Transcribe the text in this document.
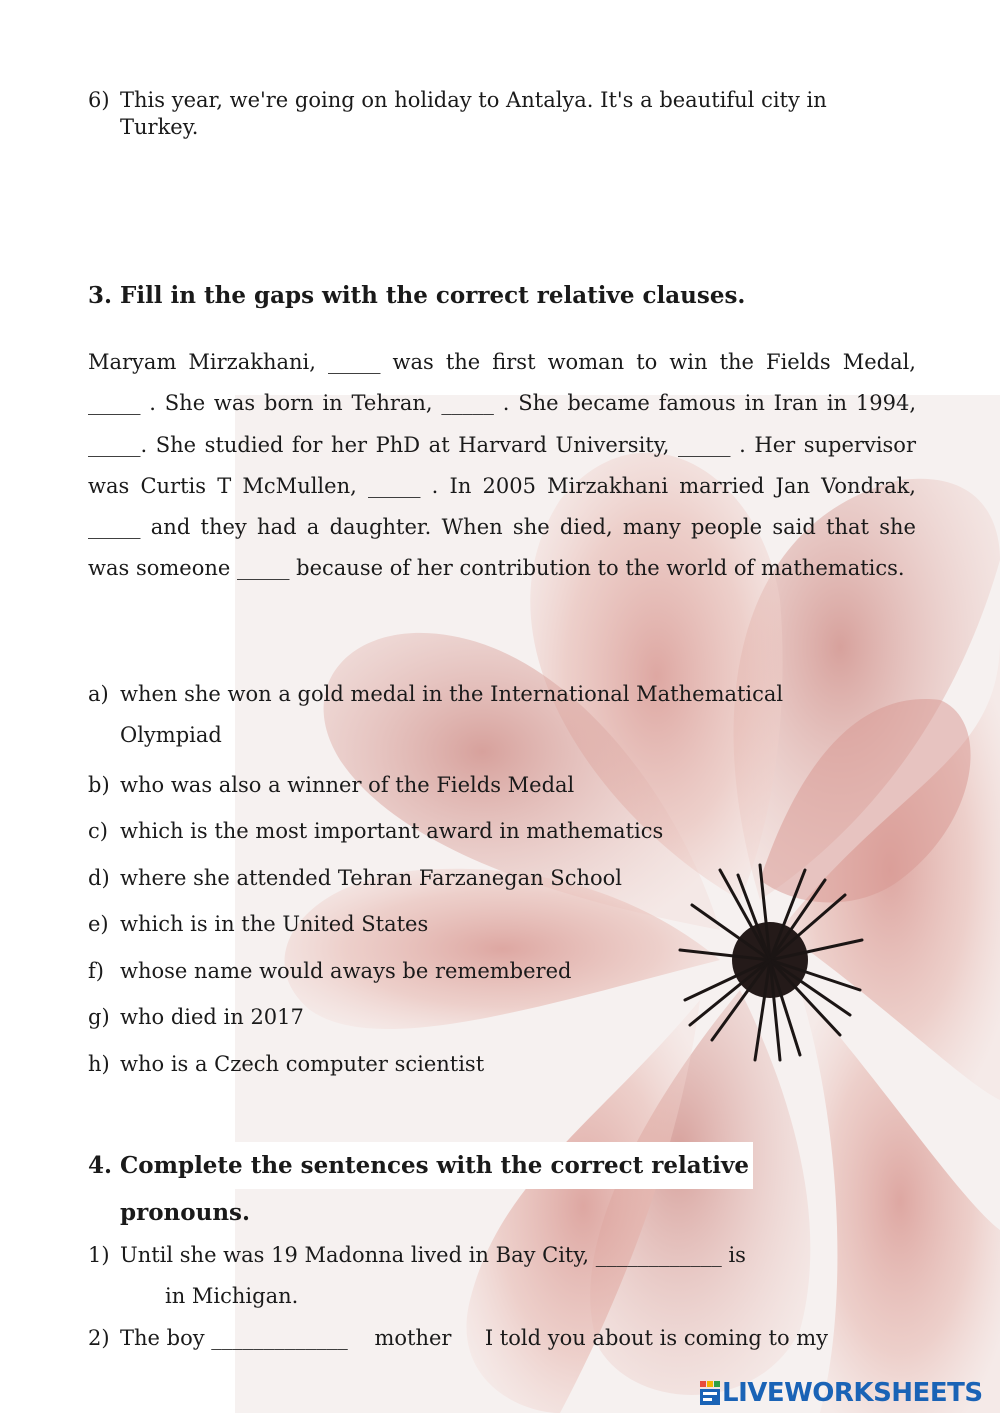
6) This year, we're going on holiday to Antalya. It's a beautiful city in Turkey.
3. Fill in the gaps with the correct relative clauses.
Maryam Mirzakhani, _____ was the first woman to win the Fields Medal, _____ . She was born in Tehran, _____ . She became famous in Iran in 1994, _____. She studied for her PhD at Harvard University, _____ . Her supervisor was Curtis T McMullen, _____ . In 2005 Mirzakhani married Jan Vondrak, _____ and they had a daughter. When she died, many people said that she was someone _____ because of her contribution to the world of mathematics.
a) when she won a gold medal in the International Mathematical Olympiad
b) who was also a winner of the Fields Medal
c) which is the most important award in mathematics
d) where she attended Tehran Farzanegan School
e) which is in the United States
f) whose name would aways be remembered
g) who died in 2017
h) who is a Czech computer scientist
4. Complete the sentences with the correct relative
pronouns.
1) Until she was 19 Madonna lived in Bay City, ____________ is
in Michigan.
2) The boy _____________    mother     I told you about is coming to my
LIVEWORKSHEETS
